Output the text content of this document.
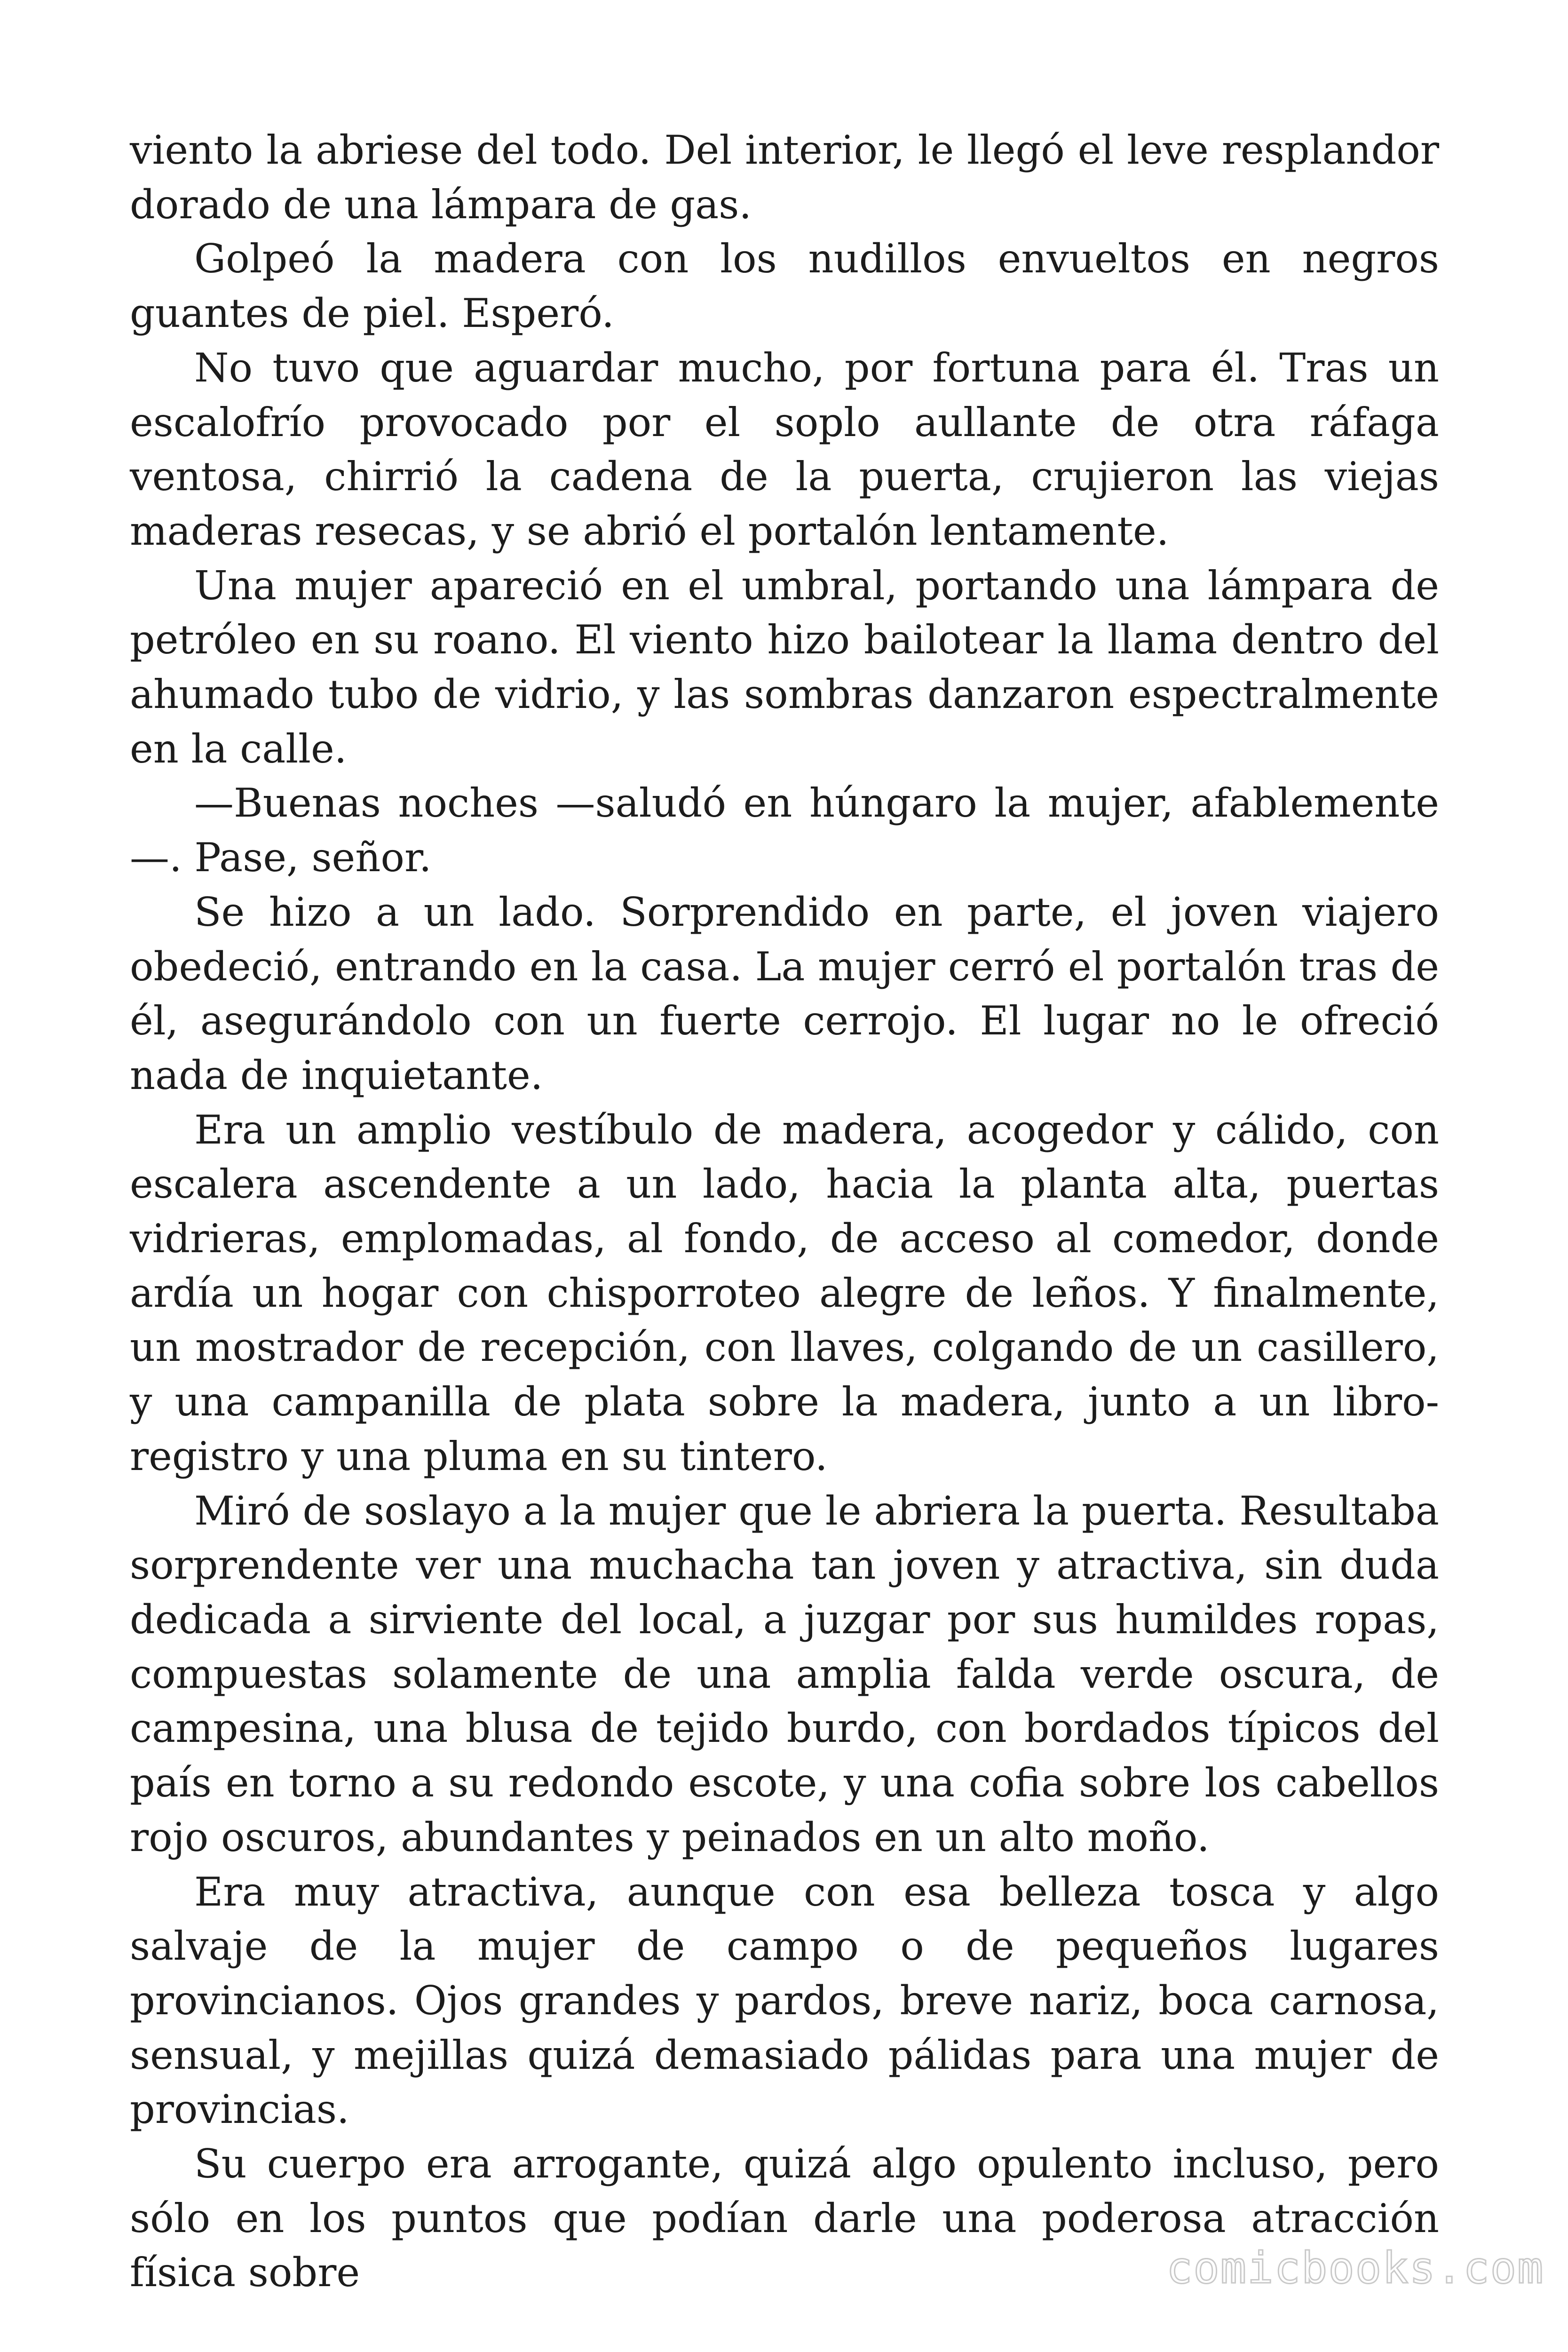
viento la abriese del todo. Del interior, le llegó el leve resplandor dorado de una lámpara de gas.

Golpeó la madera con los nudillos envueltos en negros guantes de piel. Esperó.

No tuvo que aguardar mucho, por fortuna para él. Tras un escalofrío provocado por el soplo aullante de otra ráfaga ventosa, chirrió la cadena de la puerta, crujieron las viejas maderas resecas, y se abrió el portalón lentamente.

Una mujer apareció en el umbral, portando una lámpara de petróleo en su roano. El viento hizo bailotear la llama dentro del ahumado tubo de vidrio, y las sombras danzaron espectralmente en la calle.

—Buenas noches —saludó en húngaro la mujer, afablemente—. Pase, señor.

Se hizo a un lado. Sorprendido en parte, el joven viajero obedeció, entrando en la casa. La mujer cerró el portalón tras de él, asegurándolo con un fuerte cerrojo. El lugar no le ofreció nada de inquietante.

Era un amplio vestíbulo de madera, acogedor y cálido, con escalera ascendente a un lado, hacia la planta alta, puertas vidrieras, emplomadas, al fondo, de acceso al comedor, donde ardía un hogar con chisporroteo alegre de leños. Y finalmente, un mostrador de recepción, con llaves, colgando de un casillero, y una campanilla de plata sobre la madera, junto a un libro-registro y una pluma en su tintero.

Miró de soslayo a la mujer que le abriera la puerta. Resultaba sorprendente ver una muchacha tan joven y atractiva, sin duda dedicada a sirviente del local, a juzgar por sus humildes ropas, compuestas solamente de una amplia falda verde oscura, de campesina, una blusa de tejido burdo, con bordados típicos del país en torno a su redondo escote, y una cofia sobre los cabellos rojo oscuros, abundantes y peinados en un alto moño.

Era muy atractiva, aunque con esa belleza tosca y algo salvaje de la mujer de campo o de pequeños lugares provincianos. Ojos grandes y pardos, breve nariz, boca carnosa, sensual, y mejillas quizá demasiado pálidas para una mujer de provincias.

Su cuerpo era arrogante, quizá algo opulento incluso, pero sólo en los puntos que podían darle una poderosa atracción física sobre	comicbooks.com
